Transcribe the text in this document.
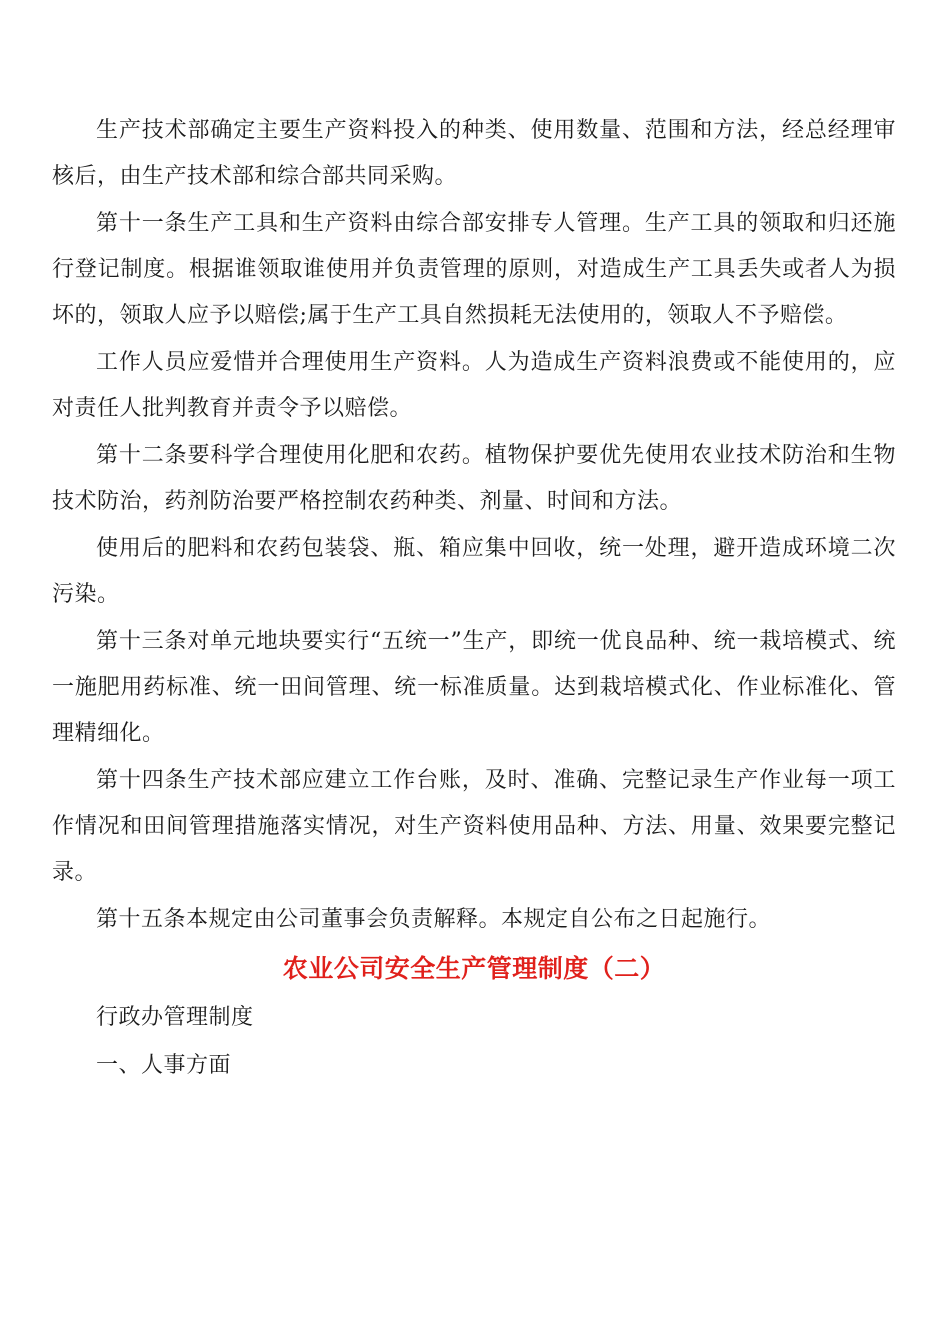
生产技术部确定主要生产资料投入的种类、使用数量、范围和方法，经总经理审核后，由生产技术部和综合部共同采购。

第十一条生产工具和生产资料由综合部安排专人管理。生产工具的领取和归还施行登记制度。根据谁领取谁使用并负责管理的原则，对造成生产工具丢失或者人为损坏的，领取人应予以赔偿;属于生产工具自然损耗无法使用的，领取人不予赔偿。

工作人员应爱惜并合理使用生产资料。人为造成生产资料浪费或不能使用的，应对责任人批判教育并责令予以赔偿。

第十二条要科学合理使用化肥和农药。植物保护要优先使用农业技术防治和生物技术防治，药剂防治要严格控制农药种类、剂量、时间和方法。

使用后的肥料和农药包装袋、瓶、箱应集中回收，统一处理，避开造成环境二次污染。

第十三条对单元地块要实行“五统一”生产，即统一优良品种、统一栽培模式、统一施肥用药标准、统一田间管理、统一标准质量。达到栽培模式化、作业标准化、管理精细化。

第十四条生产技术部应建立工作台账，及时、准确、完整记录生产作业每一项工作情况和田间管理措施落实情况，对生产资料使用品种、方法、用量、效果要完整记录。

第十五条本规定由公司董事会负责解释。本规定自公布之日起施行。

农业公司安全生产管理制度（二）

行政办管理制度

一、人事方面
